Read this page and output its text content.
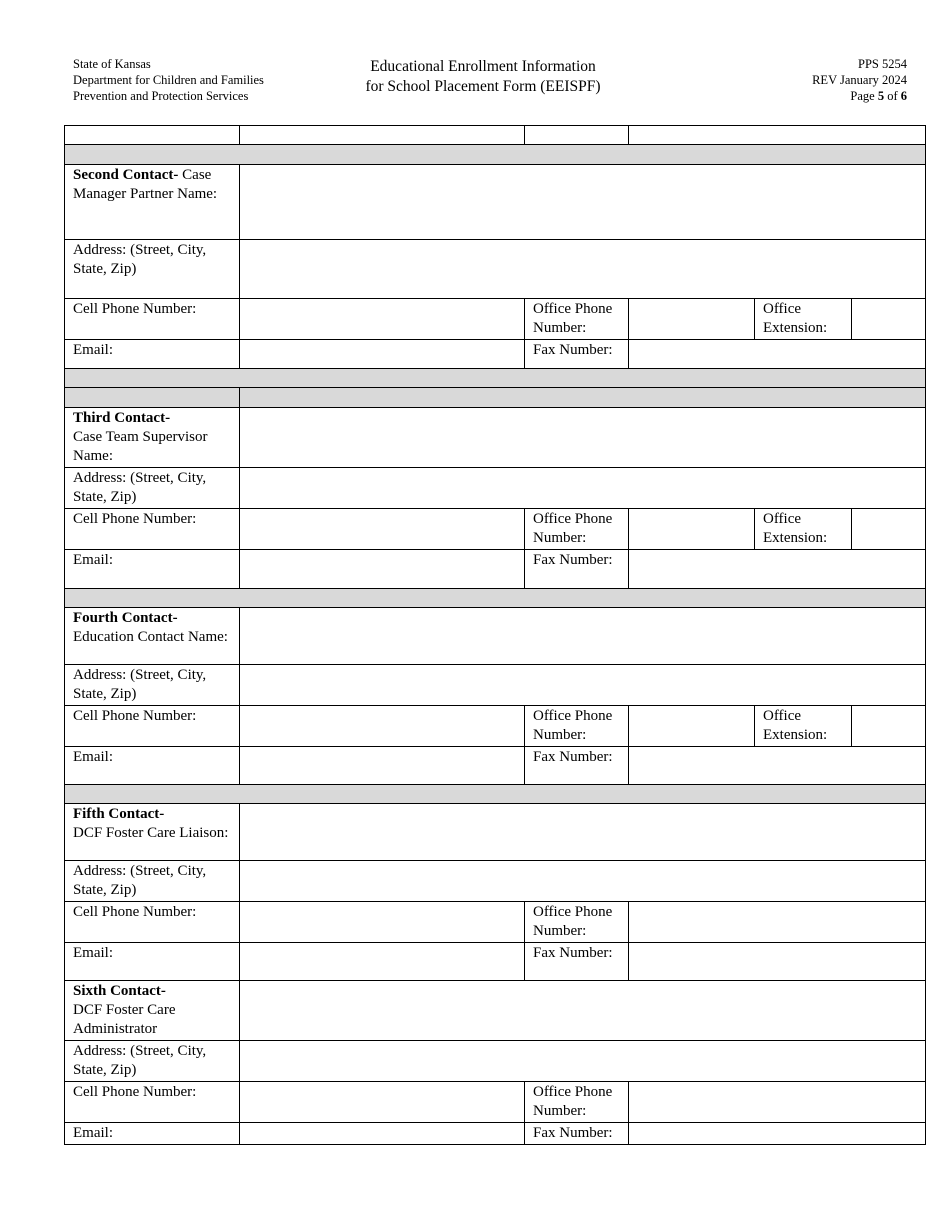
State of Kansas
Department for Children and Families
Prevention and Protection Services
Educational Enrollment Information
for School Placement Form (EEISPF)
PPS 5254
REV January 2024
Page 5 of 6

Second Contact- Case Manager Partner Name:					
Address: (Street, City, State, Zip)					
Cell Phone Number:		Office Phone Number:		Office Extension:	
Email:		Fax Number:			

Third Contact-
Case Team Supervisor Name:					

Address: (Street, City, State, Zip)					
Cell Phone Number:		Office Phone Number:		Office Extension:	
Email:		Fax Number:			

Fourth Contact-
Education Contact Name:					

Address: (Street, City, State, Zip)					
Cell Phone Number:		Office Phone Number:		Office Extension:	
Email:		Fax Number:			

Fifth Contact-
DCF Foster Care Liaison:					

Address: (Street, City, State, Zip)					
Cell Phone Number:		Office Phone Number:			
Email:		Fax Number:			

Sixth Contact-
DCF Foster Care Administrator					

Address: (Street, City, State, Zip)					
Cell Phone Number:		Office Phone Number:			
Email:		Fax Number:			
